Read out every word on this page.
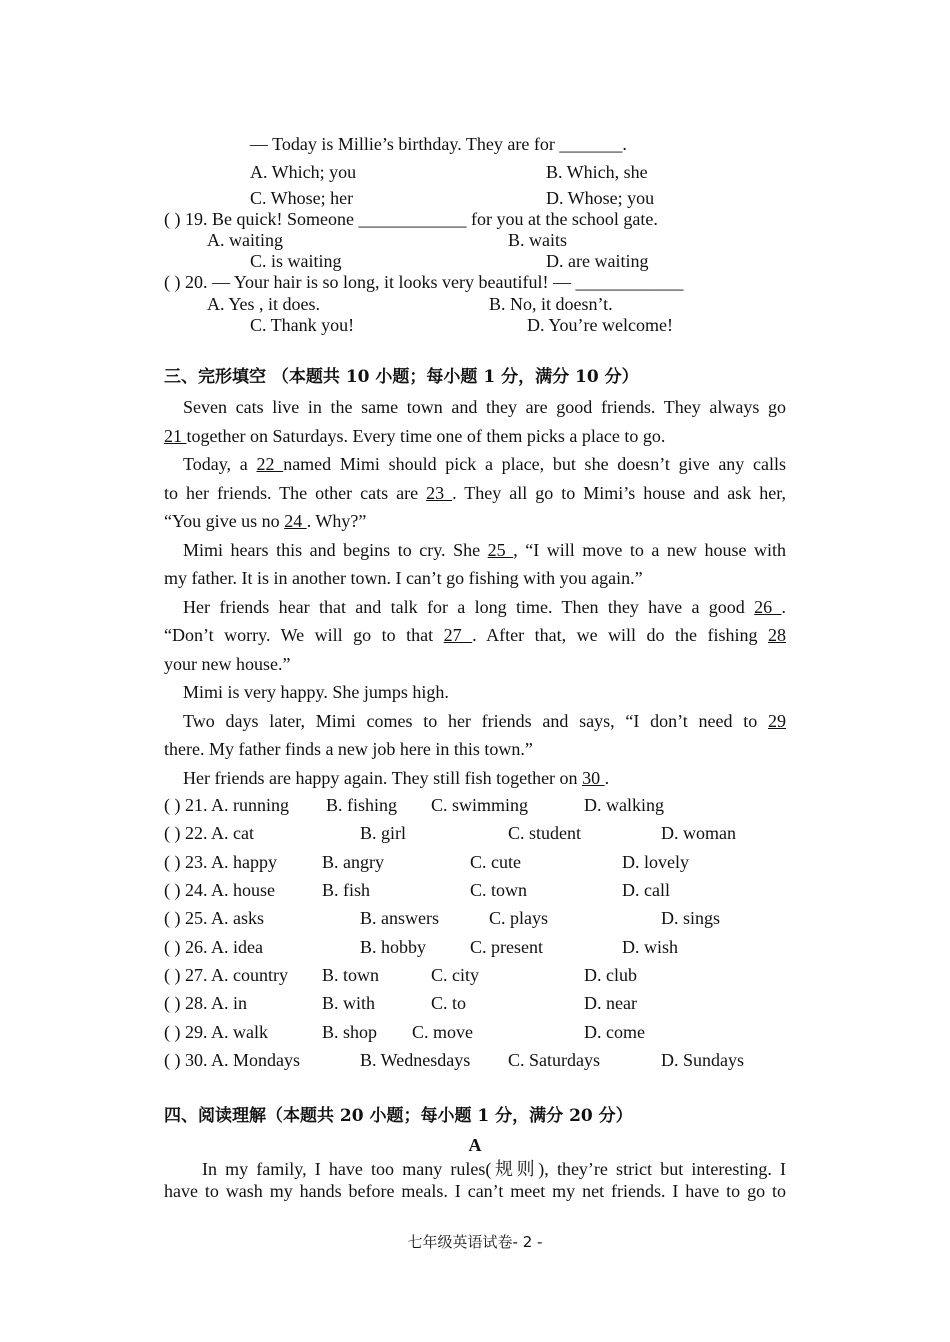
— Today is Millie’s birthday. They are for _______.
A. Which; you	B. Which, she
C. Whose; her	D. Whose; you
( ) 19. Be quick! Someone ____________ for you at the school gate.
A. waiting	B. waits
C. is waiting	D. are waiting
( ) 20. — Your hair is so long, it looks very beautiful! — ____________
A. Yes , it does.	B. No, it doesn’t.
C. Thank you!	D. You’re welcome!
三、完形填空 （本题共 10 小题；每小题 1 分，满分 10 分）
Seven cats live in the same town and they are good friends. They always go
21 together on Saturdays. Every time one of them picks a place to go.
Today, a 22 named Mimi should pick a place, but she doesn’t give any calls
to her friends. The other cats are 23 . They all go to Mimi’s house and ask her,
“You give us no 24 . Why?”
Mimi hears this and begins to cry. She 25 , “I will move to a new house with
my father. It is in another town. I can’t go fishing with you again.”
Her friends hear that and talk for a long time. Then they have a good 26 .
“Don’t worry. We will go to that 27 . After that, we will do the fishing 28
your new house.”
Mimi is very happy. She jumps high.
Two days later, Mimi comes to her friends and says, “I don’t need to 29
there. My father finds a new job here in this town.”
Her friends are happy again. They still fish together on 30 .
( ) 21. A. running B. fishing C. swimming	D. walking
( ) 22. A. cat	B. girl	C. student	D. woman
( ) 23. A. happy	B. angry	C. cute	D. lovely
( ) 24. A. house	B. fish	C. town	D. call
( ) 25. A. asks	B. answers	C. plays	D. sings
( ) 26. A. idea	B. hobby C. present	D. wish
( ) 27. A. country B. town	C. city	D. club
( ) 28. A. in	B. with	C. to	D. near
( ) 29. A. walk	B. shop C. move	D. come
( ) 30. A. Mondays	B. Wednesdays C. Saturdays	D. Sundays
四、阅读理解（本题共 20 小题；每小题 1 分，满分 20 分）
A
In my family, I have too many rules(规则), they’re strict but interesting. I
have to wash my hands before meals. I can’t meet my net friends. I have to go to
七年级英语试卷- 2 -
